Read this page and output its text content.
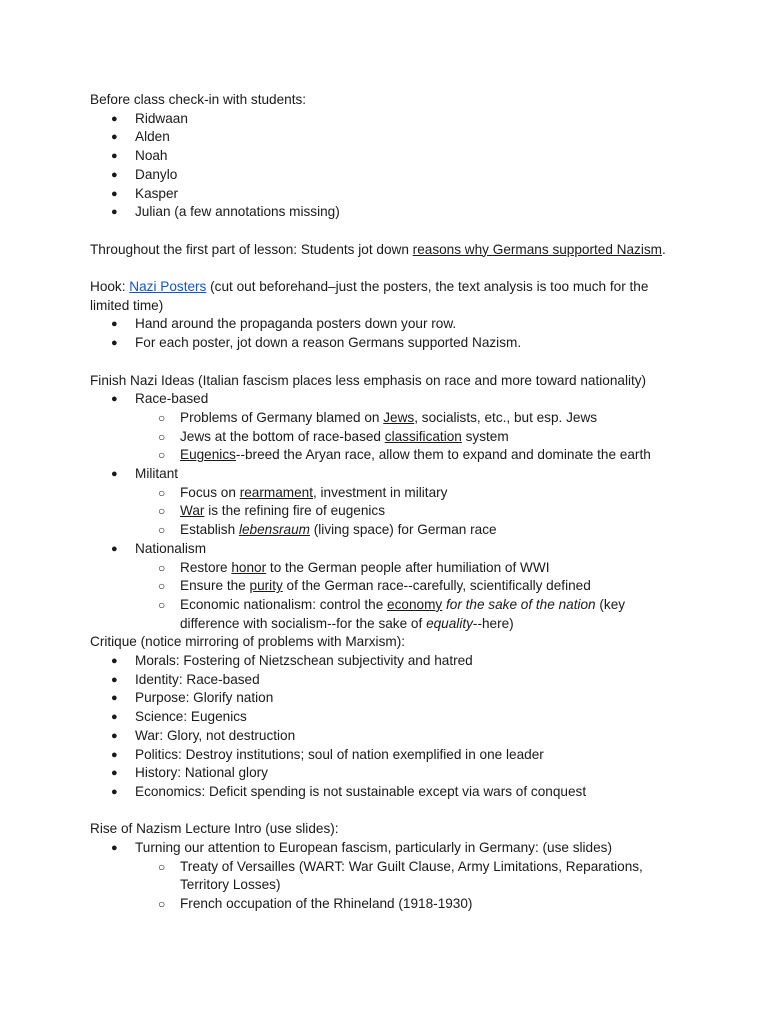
Before class check-in with students:
● Ridwaan
● Alden
● Noah
● Danylo
● Kasper
● Julian (a few annotations missing)
Throughout the first part of lesson: Students jot down reasons why Germans supported Nazism.
Hook: Nazi Posters (cut out beforehand–just the posters, the text analysis is too much for the
limited time)
● Hand around the propaganda posters down your row.
● For each poster, jot down a reason Germans supported Nazism.
Finish Nazi Ideas (Italian fascism places less emphasis on race and more toward nationality)
● Race-based
○ Problems of Germany blamed on Jews, socialists, etc., but esp. Jews
○ Jews at the bottom of race-based classification system
○ Eugenics--breed the Aryan race, allow them to expand and dominate the earth
● Militant
○ Focus on rearmament, investment in military
○ War is the refining fire of eugenics
○ Establish lebensraum (living space) for German race
● Nationalism
○ Restore honor to the German people after humiliation of WWI
○ Ensure the purity of the German race--carefully, scientifically defined
○ Economic nationalism: control the economy for the sake of the nation (key
difference with socialism--for the sake of equality--here)
Critique (notice mirroring of problems with Marxism):
● Morals: Fostering of Nietzschean subjectivity and hatred
● Identity: Race-based
● Purpose: Glorify nation
● Science: Eugenics
● War: Glory, not destruction
● Politics: Destroy institutions; soul of nation exemplified in one leader
● History: National glory
● Economics: Deficit spending is not sustainable except via wars of conquest
Rise of Nazism Lecture Intro (use slides):
● Turning our attention to European fascism, particularly in Germany: (use slides)
○ Treaty of Versailles (WART: War Guilt Clause, Army Limitations, Reparations,
Territory Losses)
○ French occupation of the Rhineland (1918-1930)
